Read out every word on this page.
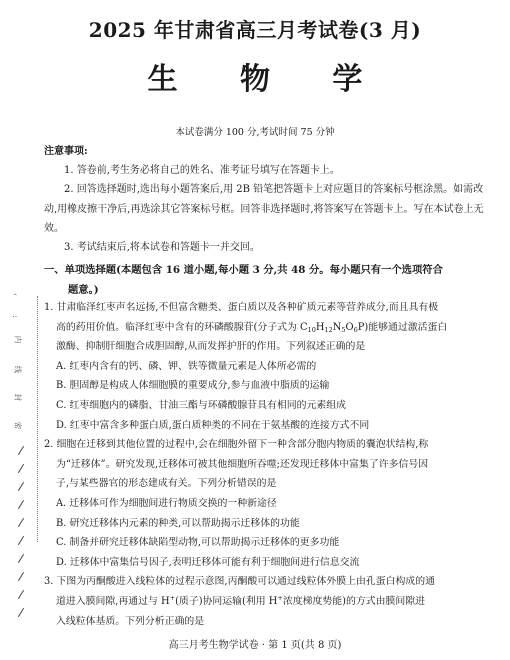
‹
:
内
线
封
密
2025 年甘肃省高三月考试卷(3 月)
生 物 学
本试卷满分 100 分,考试时间 75 分钟
注意事项:
1. 答卷前,考生务必将自己的姓名、准考证号填写在答题卡上。
2. 回答选择题时,选出每小题答案后,用 2B 铅笔把答题卡上对应题目的答案标号框涂黑。如需改动,用橡皮擦干净后,再选涂其它答案标号框。回答非选择题时,将答案写在答题卡上。写在本试卷上无效。
3. 考试结束后,将本试卷和答题卡一并交回。
一、单项选择题(本题包含 16 道小题,每小题 3 分,共 48 分。每小题只有一个选项符合
题意。)
1. 甘肃临泽红枣声名远扬,不但富含糖类、蛋白质以及各种矿质元素等营养成分,而且具有极
高的药用价值。临泽红枣中含有的环磷酸腺苷(分子式为 $C_{10}H_{12}N_5O_6P$)能够通过激活蛋白
激酶、抑制肝细胞合成胆固醇,从而发挥护肝的作用。下列叙述正确的是
A. 红枣内含有的钙、磷、钾、铁等微量元素是人体所必需的
B. 胆固醇是构成人体细胞膜的重要成分,参与血液中脂质的运输
C. 红枣细胞内的磷脂、甘油三酯与环磷酸腺苷具有相同的元素组成
D. 红枣中富含多种蛋白质,蛋白质种类的不同在于氨基酸的连接方式不同
2. 细胞在迁移到其他位置的过程中,会在细胞外留下一种含部分胞内物质的囊泡状结构,称
为“迁移体”。研究发现,迁移体可被其他细胞所吞噬;还发现迁移体中富集了许多信号因
子,与某些器官的形态建成有关。下列分析错误的是
A. 迁移体可作为细胞间进行物质交换的一种新途径
B. 研究迁移体内元素的种类,可以帮助揭示迁移体的功能
C. 制备并研究迁移体缺陷型动物,可以帮助揭示迁移体的更多功能
D. 迁移体中富集信号因子,表明迁移体可能有利于细胞间进行信息交流
3. 下图为丙酮酸进入线粒体的过程示意图,丙酮酸可以通过线粒体外膜上由孔蛋白构成的通
道进入膜间隙,再通过与 H+(质子)协同运输(利用 H+浓度梯度势能)的方式由膜间隙进
入线粒体基质。下列分析正确的是
高三月考生物学试卷 · 第 1 页(共 8 页)
